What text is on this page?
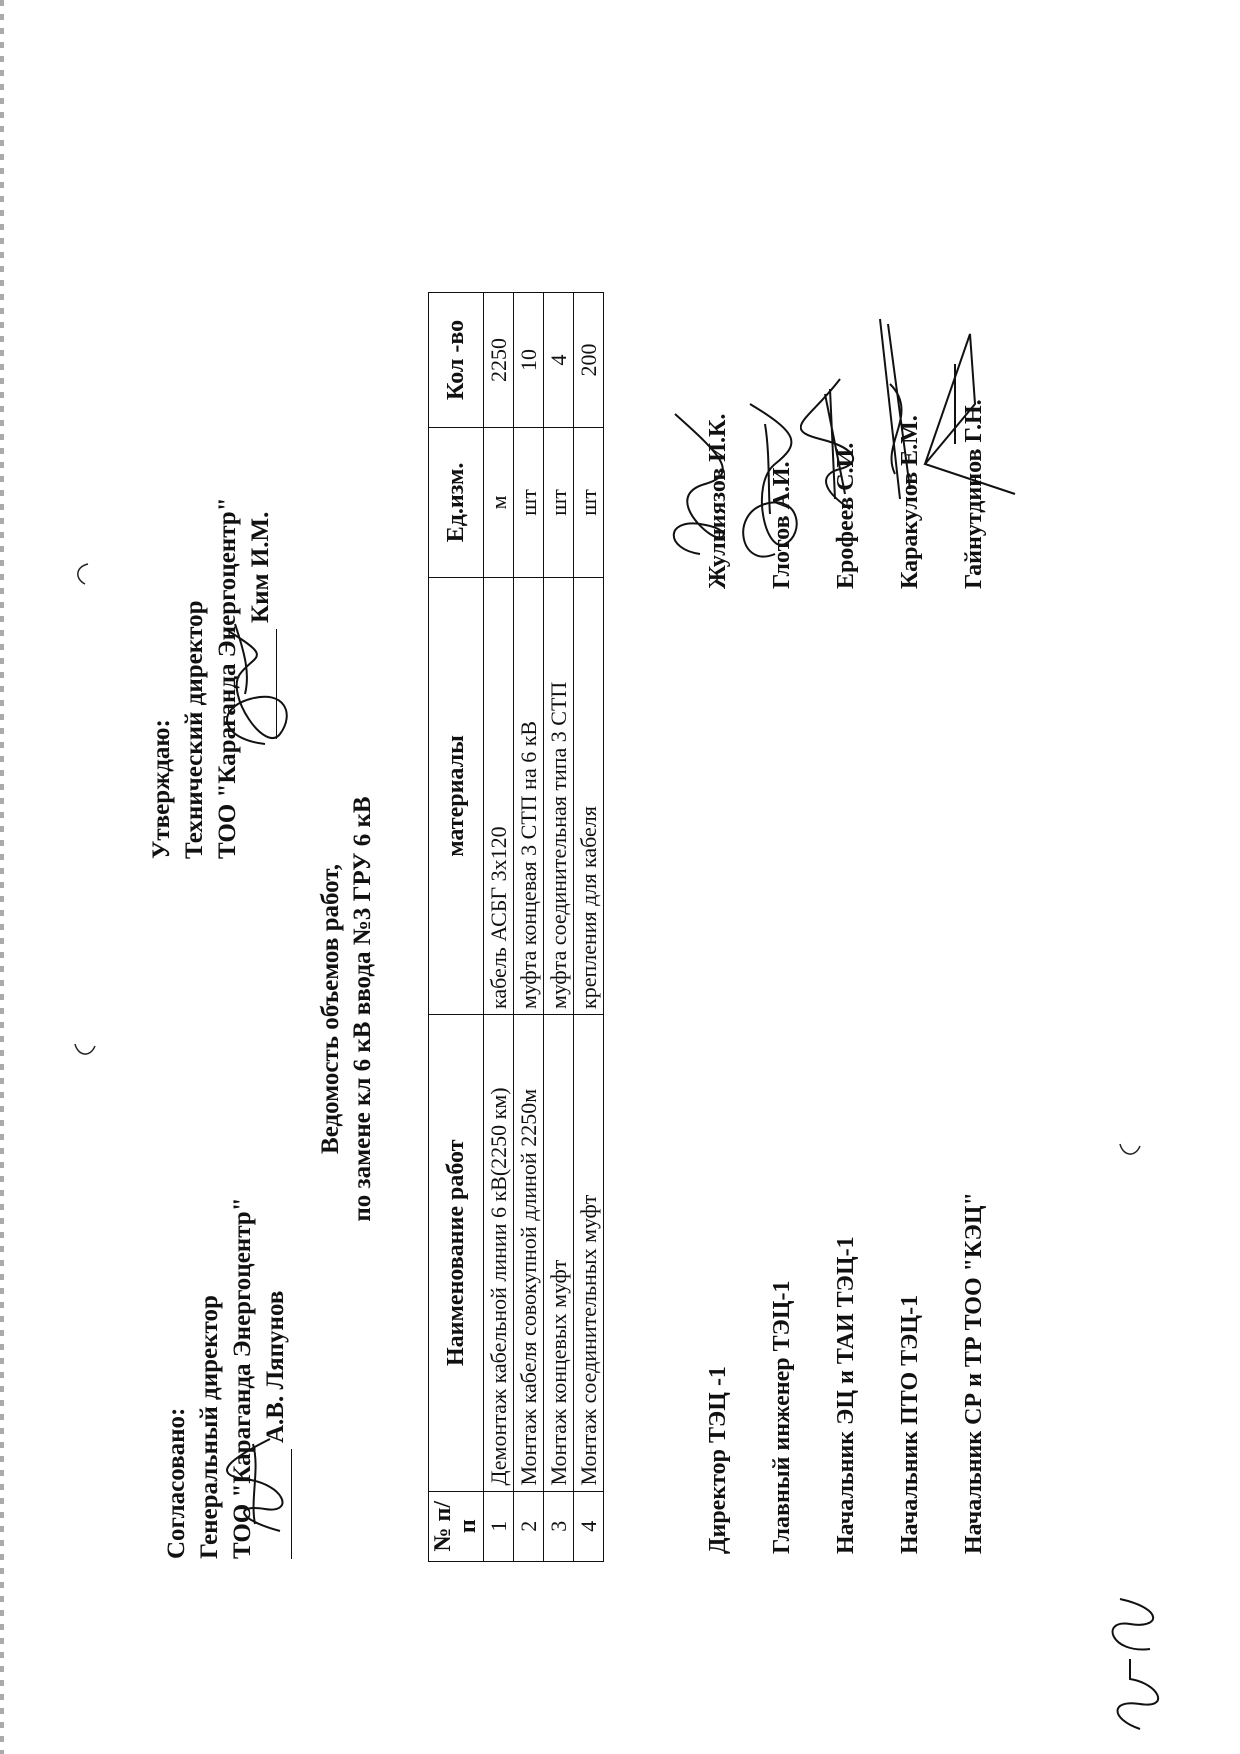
Согласовано: Генеральный директор ТОО "Караганда Энергоцентр" А.В. Ляпунов
Утверждаю: Технический директор ТОО "Караганда Энергоцентр" Ким И.М.
Ведомость объемов работ, по замене кл 6 кВ ввода №3 ГРУ 6 кВ
№ п/п	Наименование работ	материалы	Ед.изм.	Кол -во
1	Демонтаж кабельной линии 6 кВ(2250 км)	кабель АСБГ 3х120	м	2250
2	Монтаж кабеля совокупной длиной 2250м	муфта концевая 3 СТП на 6 кВ	шт	10
3	Монтаж концевых муфт	муфта соединительная типа 3 СТП	шт	4
4	Монтаж соединительных муфт	крепления для кабеля	шт	200
Директор ТЭЦ -1
Жулниязов И.К.
Главный инженер ТЭЦ-1
Глотов А.И.
Начальник ЭЦ и ТАИ ТЭЦ-1
Ерофеев С.И.
Начальник ПТО ТЭЦ-1
Каракулов Е.М.
Начальник СР и ТР ТОО "КЭЦ"
Гайнутдинов Г.Н.
